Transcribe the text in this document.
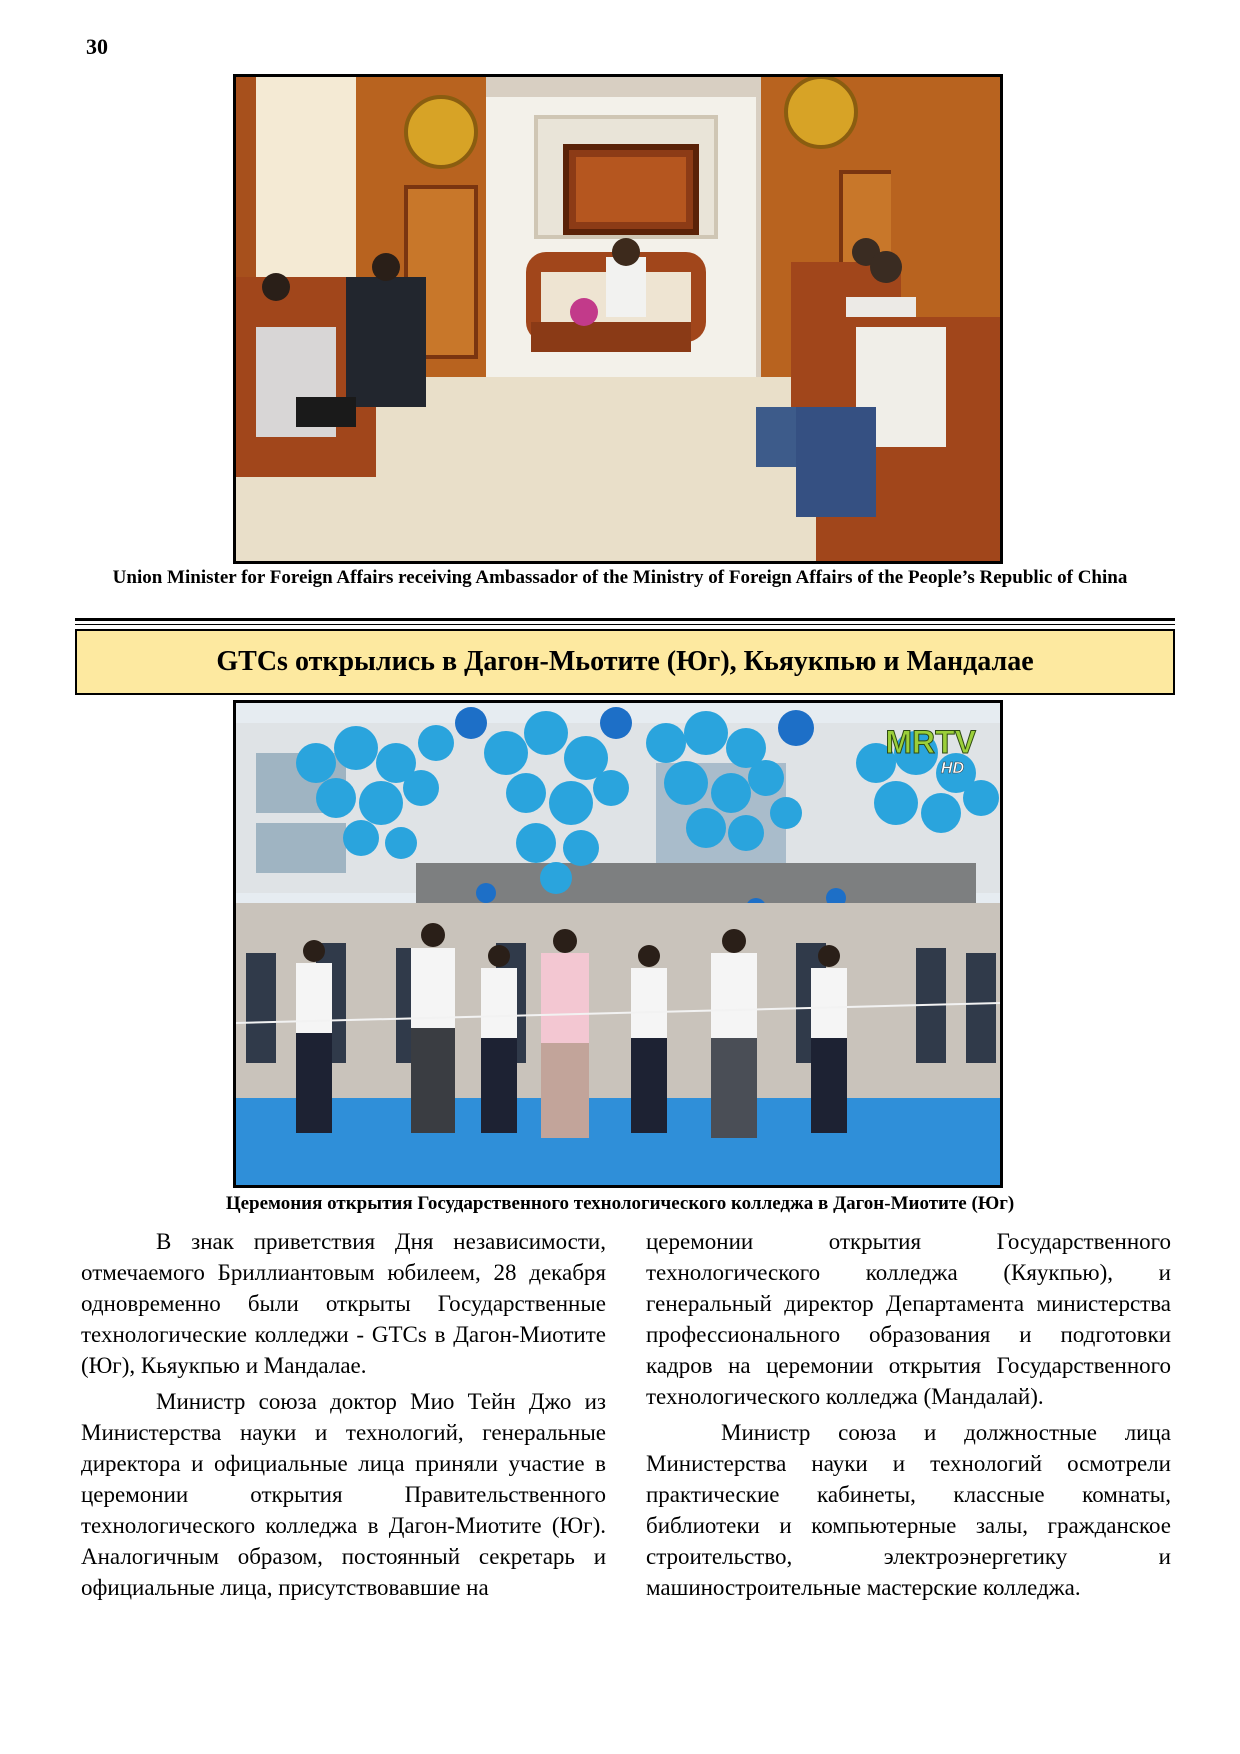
30
Union Minister for Foreign Affairs receiving Ambassador of the Ministry of Foreign Affairs of the People’s Republic of China
GTCs открылись в Дагон-Мьотите (Юг), Кьяукпью и Мандалае
MRTV
HD
Церемония открытия Государственного технологического колледжа в Дагон-Миотите (Юг)

В знак приветствия Дня независимости, отмечаемого Бриллиантовым юбилеем, 28 декабря одновременно были открыты Государственные технологические колледжи - GTCs в Дагон-Миотите (Юг), Кьяукпью и Мандалае.

Министр союза доктор Мио Тейн Джо из Министерства науки и технологий, генеральные директора и официальные лица приняли участие в церемонии открытия Правительственного технологического колледжа в Дагон-Миотите (Юг). Аналогичным образом, постоянный секретарь и официальные лица, присутствовавшие на

церемонии открытия Государственного технологического колледжа (Кяукпью), и генеральный директор Департамента министерства профессионального образования и подготовки кадров на церемонии открытия Государственного технологического колледжа (Мандалай).

Министр союза и должностные лица Министерства науки и технологий осмотрели практические кабинеты, классные комнаты, библиотеки и компьютерные залы, гражданское строительство, электроэнергетику и машиностроительные мастерские колледжа.
